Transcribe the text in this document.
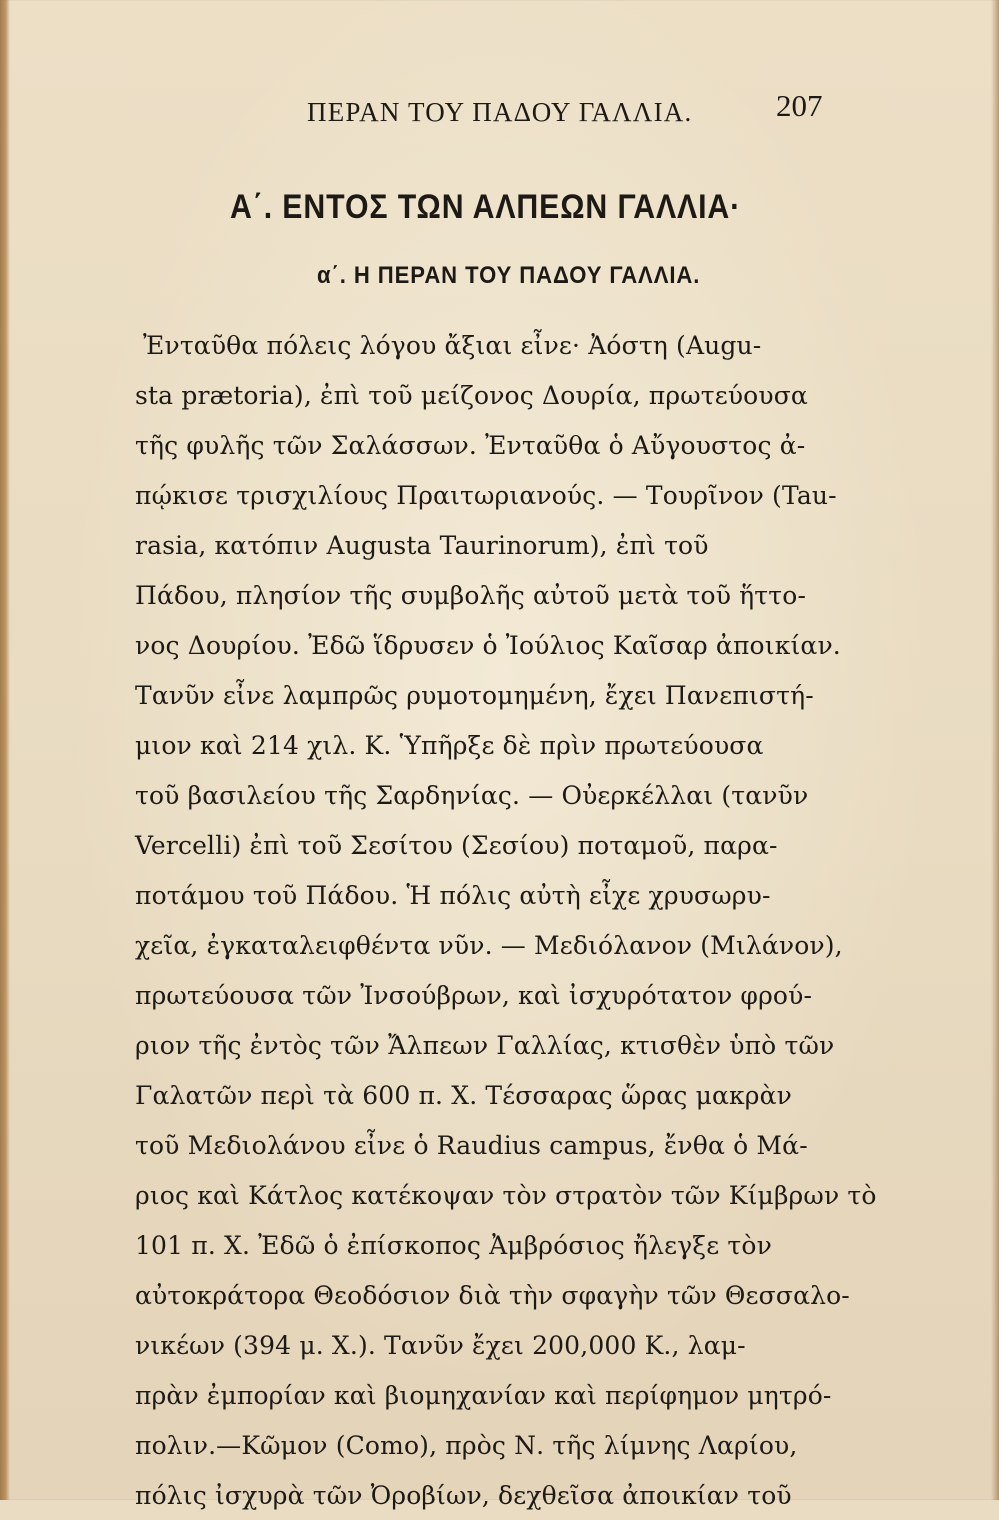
ΠΕΡΑΝ ΤΟΥ ΠΑΔΟΥ ΓΑΛΛΙΑ.	207
Α΄. ΕΝΤΟΣ ΤΩΝ ΑΛΠΕΩΝ ΓΑΛΛΙΑ·
α΄. Η ΠΕΡΑΝ ΤΟΥ ΠΑΔΟΥ ΓΑΛΛΙΑ.
Ἐνταῦθα πόλεις λόγου ἄξιαι εἶνε· Ἀόστη (Augu-
sta prætoria), ἐπὶ τοῦ μείζονος Δουρία, πρωτεύουσα
τῆς φυλῆς τῶν Σαλάσσων. Ἐνταῦθα ὁ Αὔγουστος ἀ-
πῴκισε τρισχιλίους Πραιτωριανούς. — Τουρῖνον (Tau-
rasia, κατόπιν Augusta Taurinorum), ἐπὶ τοῦ
Πάδου, πλησίον τῆς συμβολῆς αὐτοῦ μετὰ τοῦ ἥττο-
νος Δουρίου. Ἐδῶ ἵδρυσεν ὁ Ἰούλιος Καῖσαρ ἀποικίαν.
Τανῦν εἶνε λαμπρῶς ρυμοτομημένη, ἔχει Πανεπιστή-
μιον καὶ 214 χιλ. Κ. Ὑπῆρξε δὲ πρὶν πρωτεύουσα
τοῦ βασιλείου τῆς Σαρδηνίας. — Οὐερκέλλαι (τανῦν
Vercelli) ἐπὶ τοῦ Σεσίτου (Σεσίου) ποταμοῦ, παρα-
ποτάμου τοῦ Πάδου. Ἡ πόλις αὐτὴ εἶχε χρυσωρυ-
χεῖα, ἐγκαταλειφθέντα νῦν. — Μεδιόλανον (Μιλάνον),
πρωτεύουσα τῶν Ἰνσούβρων, καὶ ἰσχυρότατον φρού-
ριον τῆς ἐντὸς τῶν Ἄλπεων Γαλλίας, κτισθὲν ὑπὸ τῶν
Γαλατῶν περὶ τὰ 600 π. Χ. Τέσσαρας ὥρας μακρὰν
τοῦ Μεδιολάνου εἶνε ὁ Raudius campus, ἔνθα ὁ Μά-
ριος καὶ Κάτλος κατέκοψαν τὸν στρατὸν τῶν Κίμβρων τὸ
101 π. Χ. Ἐδῶ ὁ ἐπίσκοπος Ἀμβρόσιος ἤλεγξε τὸν
αὐτοκράτορα Θεοδόσιον διὰ τὴν σφαγὴν τῶν Θεσσαλο-
νικέων (394 μ. Χ.). Τανῦν ἔχει 200,000 Κ., λαμ-
πρὰν ἐμπορίαν καὶ βιομηχανίαν καὶ περίφημον μητρό-
πολιν.—Κῶμον (Como), πρὸς Ν. τῆς λίμνης Λαρίου,
πόλις ἰσχυρὰ τῶν Ὀροβίων, δεχθεῖσα ἀποικίαν τοῦ
